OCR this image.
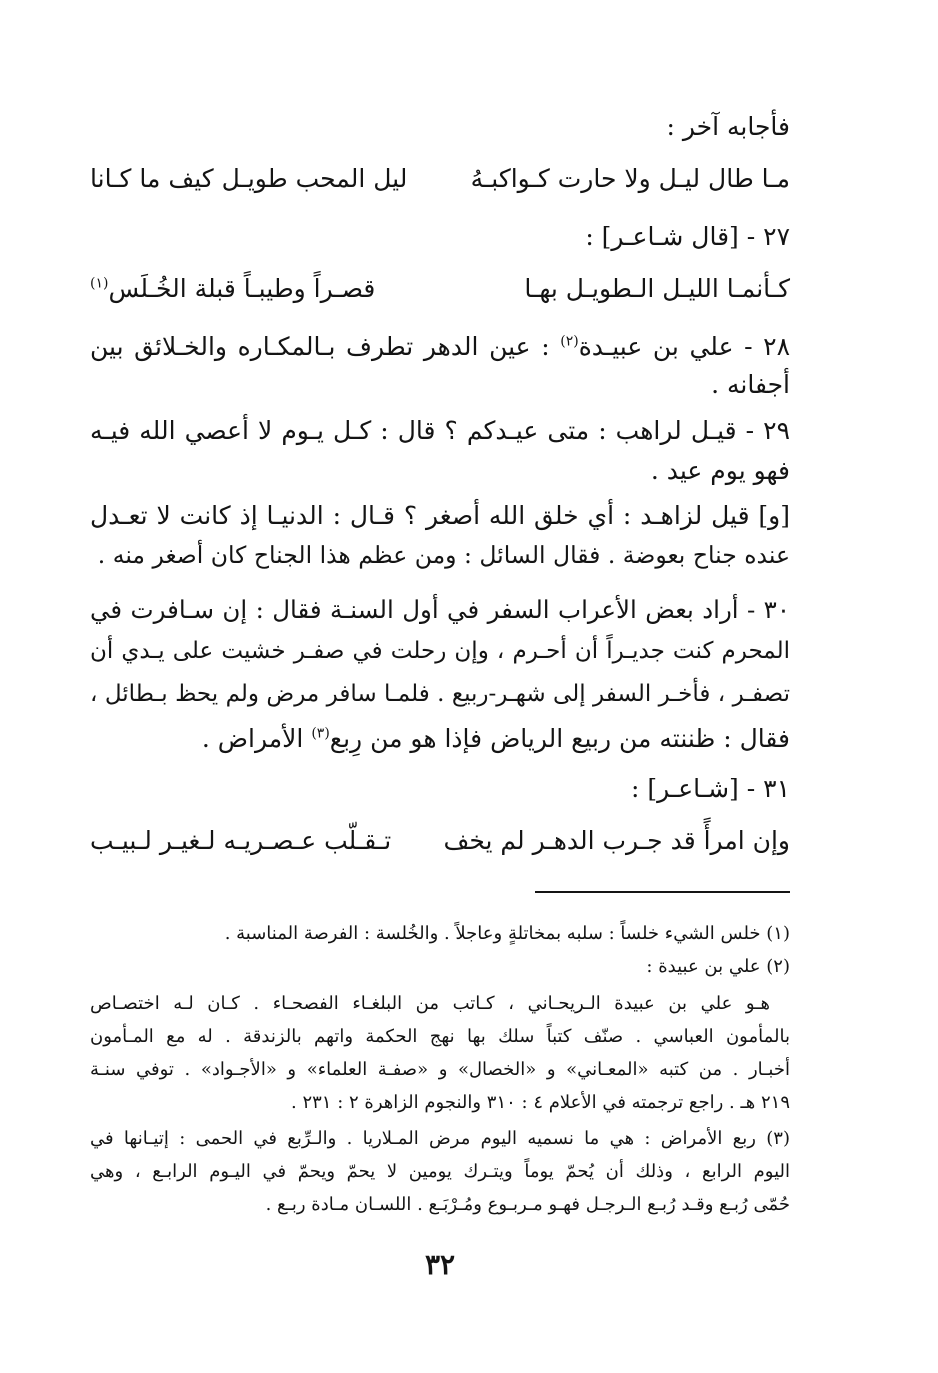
فأجابه آخر :
مـا طال ليـل ولا حارت كـواكبـهُ
ليل المحب طويـل كيف ما كـانا
٢٧ - [قال شـاعـر] :
كـأنمـا الليـل الـطويـل بهـا
قصـراً وطيبـاً قبلة الخُـلَس$^{(١)}$
٢٨ - علي بن عبيـدة$^{(٢)}$ : عين الدهر تطرف بـالمكـاره والخـلائق بين
أجفانه .
٢٩ - قيـل لراهب : متى عيـدكم ؟ قال : كـل يـوم لا أعصي الله فيـه
فهو يوم عيد .
[و] قيل لزاهـد : أي خلق الله أصغر ؟ قـال : الدنيـا إذ كانت لا تعـدل
عنده جناح بعوضة . فقال السائل : ومن عظم هذا الجناح كان أصغر منه .
٣٠ - أراد بعض الأعراب السفر في أول السنـة فقال : إن سـافرت في
المحرم كنت جديـراً أن أحـرم ، وإن رحلت في صفـر خشيت على يـدي أن
تصفـر ، فأخـر السفر إلى شهـر-ربيع . فلمـا سافر مرض ولم يحظ بـطائل ،
فقال : ظننته من ربيع الرياض فإذا هو من رِبع$^{(٣)}$ الأمراض .
٣١ - [شـاعـر] :
وإن امرأً قد جـرب الدهـر لم يخف
تـقـلّب عـصـريـه لـغيـر لـبيـب
(١) خلس الشيء خلساً : سلبه بمخاتلةٍ وعاجلاً . والخُلسة : الفرصة المناسبة .
(٢) علي بن عبيدة :
هـو علي بن عبيدة الـريحـاني ، كـاتب من البلغـاء الفصحـاء . كـان لـه اختصـاص
بالمأمون العباسي . صنّف كتباً سلك بها نهج الحكمة واتهم بالزندقة . له مع المـأمون
أخبـار . من كتبه «المعـاني» و «الخصال» و «صفـة العلماء» و «الأجـواد» . توفي سنـة
٢١٩ هـ . راجع ترجمته في الأعلام ٤ : ٣١٠ والنجوم الزاهرة ٢ : ٢٣١ .
(٣) ربع الأمراض : هي ما نسميه اليوم مرض المـلاريا . والـرِّبع في الحمى : إتيـانها في
اليوم الرابع ، وذلك أن يُحمّ يوماً ويتـرك يومين لا يحمّ ويحمّ في اليـوم الرابـع ، وهي
حُمّى رُبـع وقـد رُبـع الـرجـل فهـو مـربـوع ومُـرْبَـع . اللسـان مـادة ربـع .
٣٢
